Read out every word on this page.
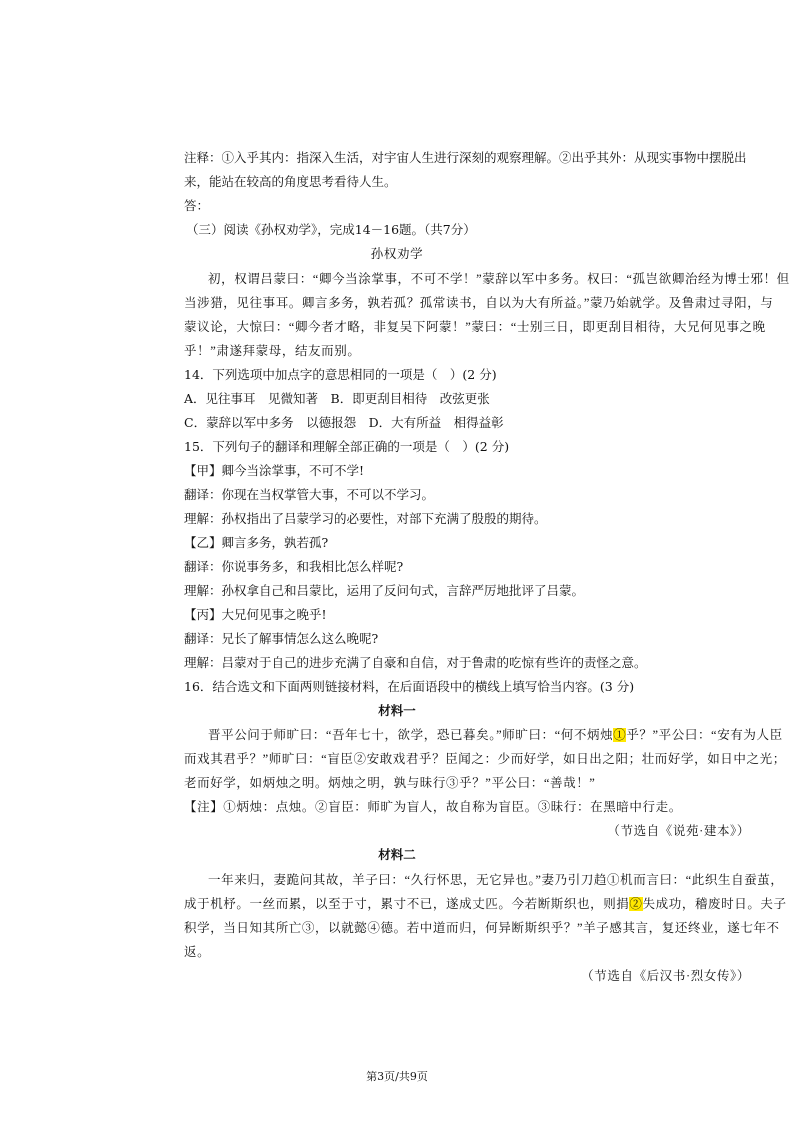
注释：①入乎其内：指深入生活，对宇宙人生进行深刻的观察理解。②出乎其外：从现实事物中摆脱出
来，能站在较高的角度思考看待人生。
答：
（三）阅读《孙权劝学》，完成14－16题。（共7分）
孙权劝学
初，权谓吕蒙曰：“卿今当涂掌事，不可不学！”蒙辞以军中多务。权曰：“孤岂欲卿治经为博士邪！但
当涉猎，见往事耳。卿言多务，孰若孤？孤常读书，自以为大有所益。”蒙乃始就学。及鲁肃过寻阳，与
蒙议论，大惊曰：“卿今者才略，非复吴下阿蒙！”蒙曰：“士别三日，即更刮目相待，大兄何见事之晚
乎！”肃遂拜蒙母，结友而别。
14．下列选项中加点字的意思相同的一项是（　）(2 分)
A．见往事耳　见微知著　B．即更刮目相待　改弦更张
C．蒙辞以军中多务　以德报怨　D．大有所益　相得益彰
15．下列句子的翻译和理解全部正确的一项是（　）(2 分)
【甲】卿今当涂掌事，不可不学!
翻译：你现在当权掌管大事，不可以不学习。
理解：孙权指出了吕蒙学习的必要性，对部下充满了殷殷的期待。
【乙】卿言多务，孰若孤?
翻译：你说事务多，和我相比怎么样呢?
理解：孙权拿自己和吕蒙比，运用了反问句式，言辞严厉地批评了吕蒙。
【丙】大兄何见事之晚乎!
翻译：兄长了解事情怎么这么晚呢?
理解：吕蒙对于自己的进步充满了自豪和自信，对于鲁肃的吃惊有些许的责怪之意。
16．结合选文和下面两则链接材料，在后面语段中的横线上填写恰当内容。(3 分)
材料一
晋平公问于师旷曰：“吾年七十，欲学，恐已暮矣。”师旷曰：“何不炳烛①乎？”平公曰：“安有为人臣
而戏其君乎？”师旷曰：“盲臣②安敢戏君乎？臣闻之：少而好学，如日出之阳；壮而好学，如日中之光；
老而好学，如炳烛之明。炳烛之明，孰与昧行③乎？”平公曰：“善哉！”
【注】①炳烛：点烛。②盲臣：师旷为盲人，故自称为盲臣。③昧行：在黑暗中行走。
（节选自《说苑·建本》）
材料二
一年来归，妻跪问其故，羊子曰：“久行怀思，无它异也。”妻乃引刀趋①机而言曰：“此织生自蚕茧，
成于机杼。一丝而累，以至于寸，累寸不已，遂成丈匹。今若断斯织也，则捐②失成功，稽废时日。夫子
积学，当日知其所亡③，以就懿④德。若中道而归，何异断斯织乎？”羊子感其言，复还终业，遂七年不
返。
（节选自《后汉书·烈女传》）
第3页/共9页
